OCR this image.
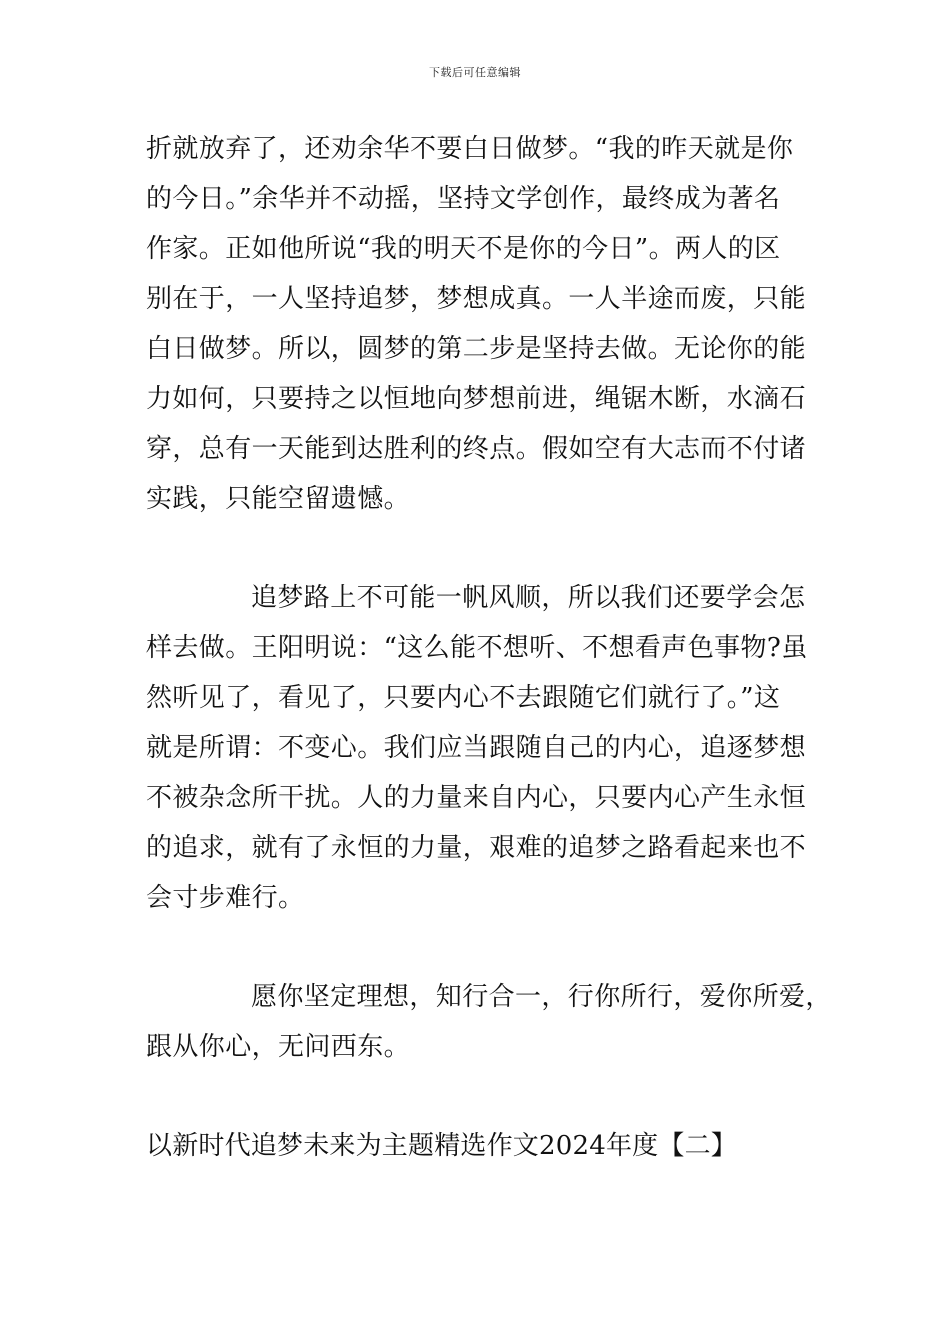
下载后可任意编辑
折就放弃了，还劝余华不要白日做梦。“我的昨天就是你
的今日。”余华并不动摇，坚持文学创作，最终成为著名
作家。正如他所说“我的明天不是你的今日”。两人的区
别在于，一人坚持追梦，梦想成真。一人半途而废，只能
白日做梦。所以，圆梦的第二步是坚持去做。无论你的能
力如何，只要持之以恒地向梦想前进，绳锯木断，水滴石
穿，总有一天能到达胜利的终点。假如空有大志而不付诸
实践，只能空留遗憾。
追梦路上不可能一帆风顺，所以我们还要学会怎
样去做。王阳明说：“这么能不想听、不想看声色事物?虽
然听见了，看见了，只要内心不去跟随它们就行了。”这
就是所谓：不变心。我们应当跟随自己的内心，追逐梦想
不被杂念所干扰。人的力量来自内心，只要内心产生永恒
的追求，就有了永恒的力量，艰难的追梦之路看起来也不
会寸步难行。
愿你坚定理想，知行合一，行你所行，爱你所爱，
跟从你心，无问西东。
以新时代追梦未来为主题精选作文2024年度【二】
